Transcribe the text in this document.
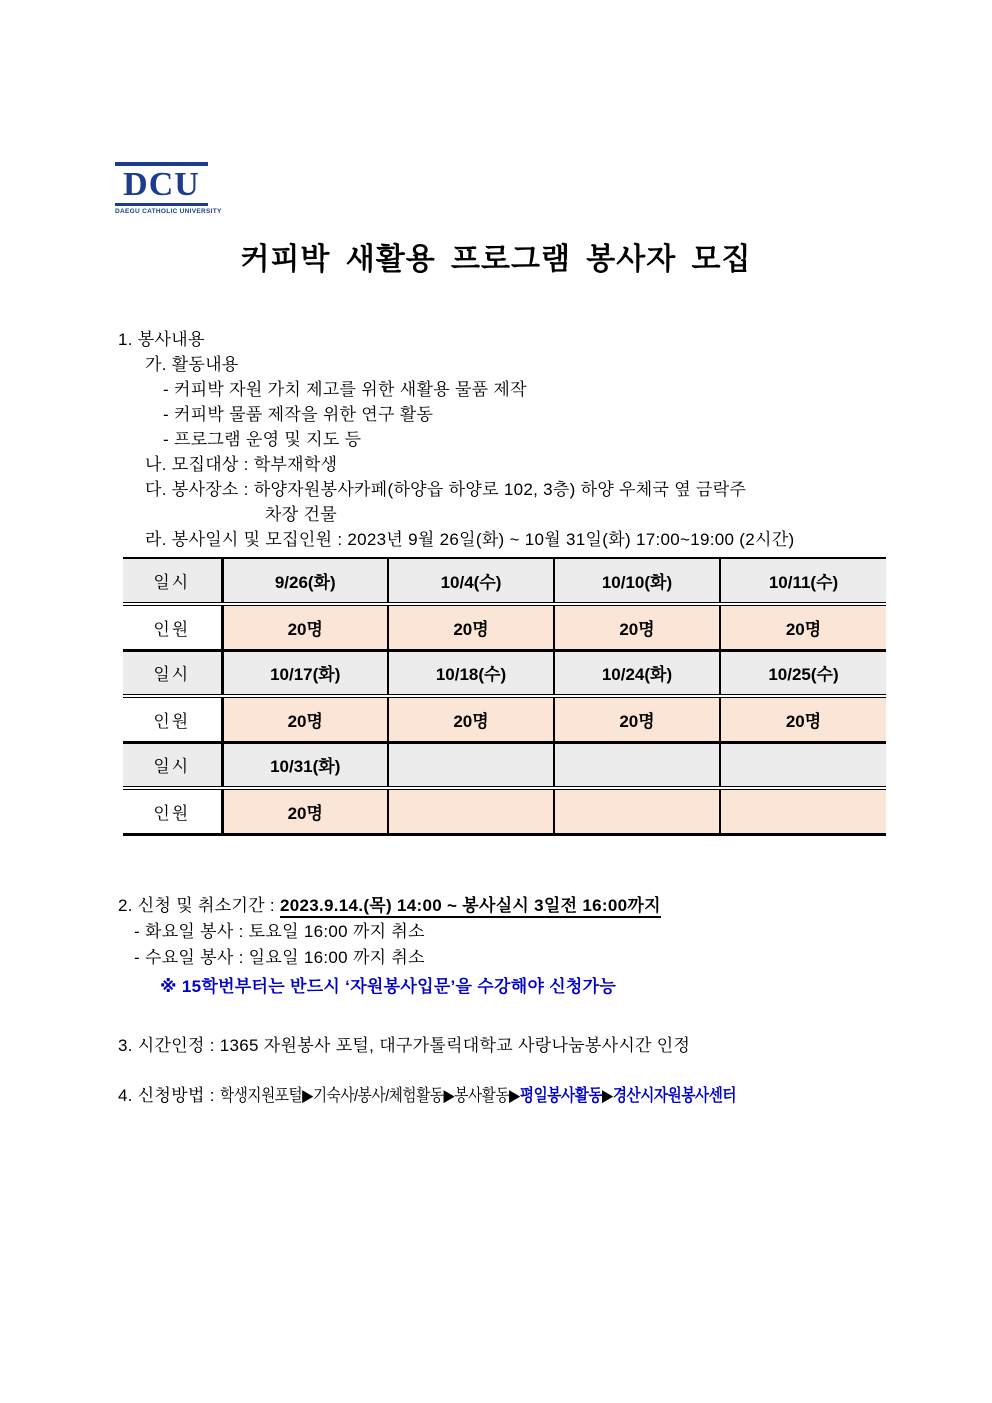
DCU
DAEGU CATHOLIC UNIVERSITY
커피박 새활용 프로그램 봉사자 모집
1. 봉사내용
가. 활동내용
- 커피박 자원 가치 제고를 위한 새활용 물품 제작
- 커피박 물품 제작을 위한 연구 활동
- 프로그램 운영 및 지도 등
나. 모집대상 : 학부재학생
다. 봉사장소 : 하양자원봉사카페(하양읍 하양로 102, 3층) 하양 우체국 옆 금락주
차장 건물
라. 봉사일시 및 모집인원 : 2023년 9월 26일(화) ~ 10월 31일(화) 17:00~19:00 (2시간)
일시	9/26(화)	10/4(수)	10/10(화)	10/11(수)
인원	20명	20명	20명	20명
일시	10/17(화)	10/18(수)	10/24(화)	10/25(수)
인원	20명	20명	20명	20명
일시	10/31(화)			
인원	20명			
2. 신청 및 취소기간 : 2023.9.14.(목) 14:00 ~ 봉사실시 3일전 16:00까지
- 화요일 봉사 : 토요일 16:00 까지 취소
- 수요일 봉사 : 일요일 16:00 까지 취소
※ 15학번부터는 반드시 ‘자원봉사입문’을 수강해야 신청가능
3. 시간인정 : 1365 자원봉사 포털, 대구가톨릭대학교 사랑나눔봉사시간 인정
4. 신청방법 : 학생지원포털▶기숙사/봉사/체험활동▶봉사활동▶평일봉사활동▶경산시자원봉사센터
